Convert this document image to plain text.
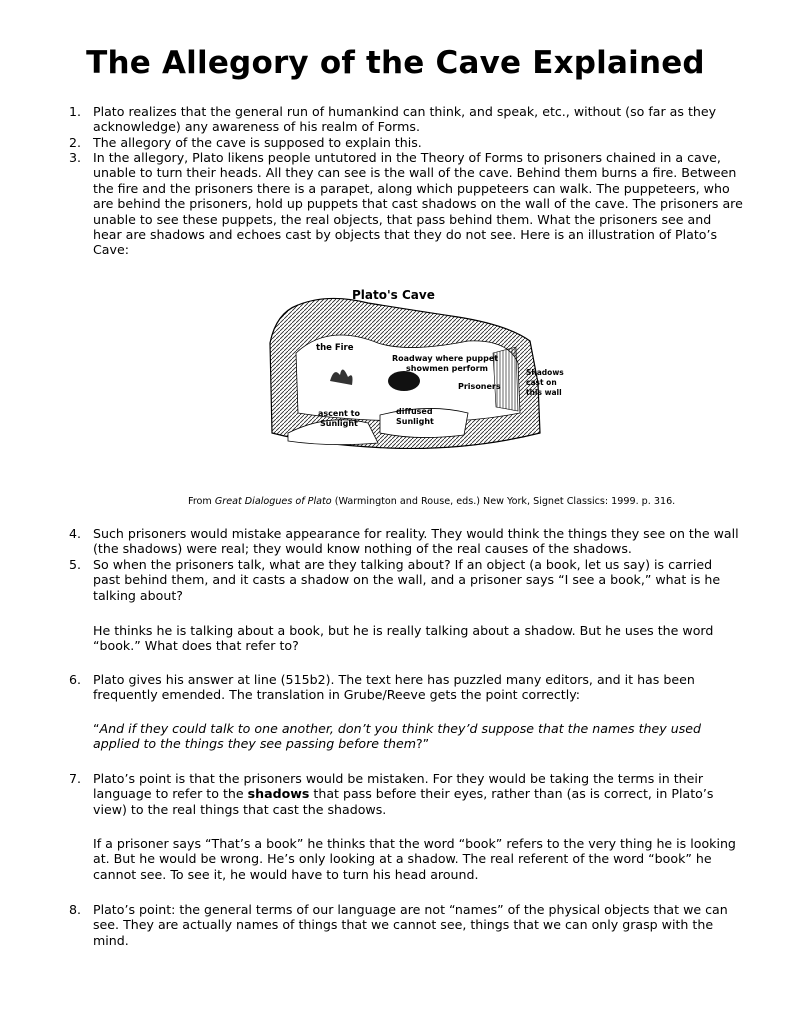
The Allegory of the Cave Explained
1. Plato realizes that the general run of humankind can think, and speak, etc., without (so far as they acknowledge) any awareness of his realm of Forms.

2. The allegory of the cave is supposed to explain this.

3. In the allegory, Plato likens people untutored in the Theory of Forms to prisoners chained in a cave, unable to turn their heads. All they can see is the wall of the cave. Behind them burns a fire. Between the fire and the prisoners there is a parapet, along which puppeteers can walk. The puppeteers, who are behind the prisoners, hold up puppets that cast shadows on the wall of the cave. The prisoners are unable to see these puppets, the real objects, that pass behind them. What the prisoners see and hear are shadows and echoes cast by objects that they do not see. Here is an illustration of Plato’s Cave:

Plato's Cave
the Fire
Roadway where puppet
showmen perform
Prisoners
Shadows
cast on
this wall
ascent to
Sunlight
diffused
Sunlight
From Great Dialogues of Plato (Warmington and Rouse, eds.) New York, Signet Classics: 1999. p. 316.
4. Such prisoners would mistake appearance for reality. They would think the things they see on the wall (the shadows) were real; they would know nothing of the real causes of the shadows.

5. So when the prisoners talk, what are they talking about? If an object (a book, let us say) is carried past behind them, and it casts a shadow on the wall, and a prisoner says “I see a book,” what is he talking about?

He thinks he is talking about a book, but he is really talking about a shadow. But he uses the word “book.” What does that refer to?

6. Plato gives his answer at line (515b2). The text here has puzzled many editors, and it has been frequently emended. The translation in Grube/Reeve gets the point correctly:

“And if they could talk to one another, don’t you think they’d suppose that the names they used applied to the things they see passing before them?”

7. Plato’s point is that the prisoners would be mistaken. For they would be taking the terms in their language to refer to the shadows that pass before their eyes, rather than (as is correct, in Plato’s view) to the real things that cast the shadows.

If a prisoner says “That’s a book” he thinks that the word “book” refers to the very thing he is looking at. But he would be wrong. He’s only looking at a shadow. The real referent of the word “book” he cannot see. To see it, he would have to turn his head around.

8. Plato’s point: the general terms of our language are not “names” of the physical objects that we can see. They are actually names of things that we cannot see, things that we can only grasp with the mind.
